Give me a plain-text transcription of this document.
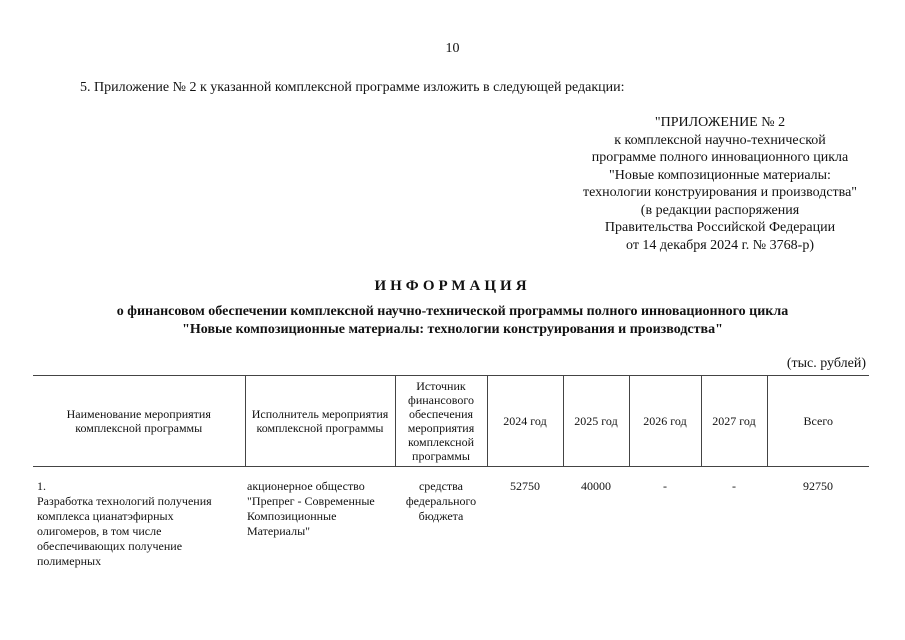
10
5. Приложение № 2 к указанной комплексной программе изложить в следующей редакции:
"ПРИЛОЖЕНИЕ № 2
к комплексной научно-технической
программе полного инновационного цикла
"Новые композиционные материалы:
технологии конструирования и производства"
(в редакции распоряжения
Правительства Российской Федерации
от 14 декабря 2024 г. № 3768-р)
ИНФОРМАЦИЯ
о финансовом обеспечении комплексной научно-технической программы полного инновационного цикла
"Новые композиционные материалы: технологии конструирования и производства"
(тыс. рублей)
Наименование мероприятия комплексной программы	Исполнитель мероприятия комплексной программы	Источник финансового обеспечения мероприятия комплексной программы	2024 год	2025 год	2026 год	2027 год	Всего
1.Разработка технологий получения комплекса цианатэфирных олигомеров, в том числе обеспечивающих получение полимерных	акционерное общество "Препрег - Современные Композиционные Материалы"	средства федерального бюджета	52750	40000	-	-	92750
